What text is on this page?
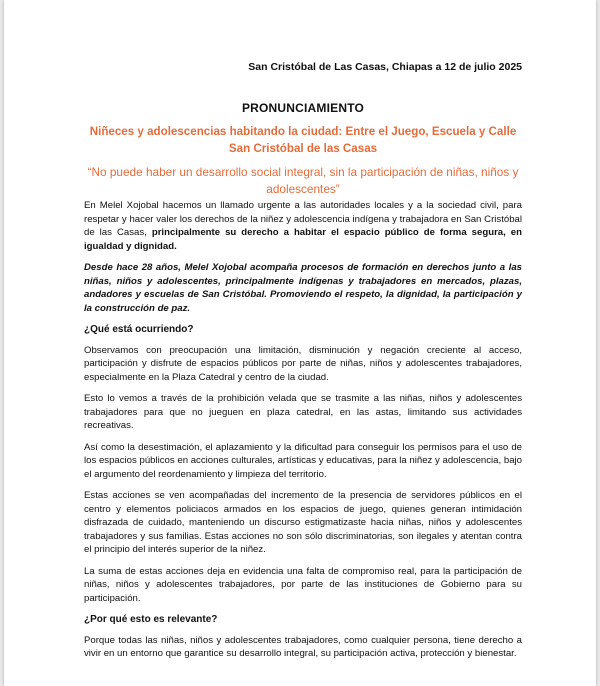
San Cristóbal de Las Casas, Chiapas a 12 de julio 2025
PRONUNCIAMIENTO
Niñeces y adolescencias habitando la ciudad: Entre el Juego, Escuela y Calle San Cristóbal de las Casas
“No puede haber un desarrollo social integral, sin la participación de niñas, niños y adolescentes”

En Melel Xojobal hacemos un llamado urgente a las autoridades locales y a la sociedad civil, para respetar y hacer valer los derechos de la niñez y adolescencia indígena y trabajadora en San Cristóbal de las Casas, principalmente su derecho a habitar el espacio público de forma segura, en igualdad y dignidad.

Desde hace 28 años, Melel Xojobal acompaña procesos de formación en derechos junto a las niñas, niños y adolescentes, principalmente indígenas y trabajadores en mercados, plazas, andadores y escuelas de San Cristóbal. Promoviendo el respeto, la dignidad, la participación y la construcción de paz.

¿Qué está ocurriendo?

Observamos con preocupación una limitación, disminución y negación creciente al acceso, participación y disfrute de espacios públicos por parte de niñas, niños y adolescentes trabajadores, especialmente en la Plaza Catedral y centro de la ciudad.

Esto lo vemos a través de la prohibición velada que se trasmite a las niñas, niños y adolescentes trabajadores para que no jueguen en plaza catedral, en las astas, limitando sus actividades recreativas.

Así como la desestimación, el aplazamiento y la dificultad para conseguir los permisos para el uso de los espacios públicos en acciones culturales, artísticas y educativas, para la niñez y adolescencia, bajo el argumento del reordenamiento y limpieza del territorio.

Estas acciones se ven acompañadas del incremento de la presencia de servidores públicos en el centro y elementos policiacos armados en los espacios de juego, quienes generan intimidación disfrazada de cuidado, manteniendo un discurso estigmatizaste hacia niñas, niños y adolescentes trabajadores y sus familias. Estas acciones no son sólo discriminatorias, son ilegales y atentan contra el principio del interés superior de la niñez.

La suma de estas acciones deja en evidencia una falta de compromiso real, para la participación de niñas, niños y adolescentes trabajadores, por parte de las instituciones de Gobierno para su participación.

¿Por qué esto es relevante?

Porque todas las niñas, niños y adolescentes trabajadores, como cualquier persona, tiene derecho a vivir en un entorno que garantice su desarrollo integral, su participación activa, protección y bienestar.
